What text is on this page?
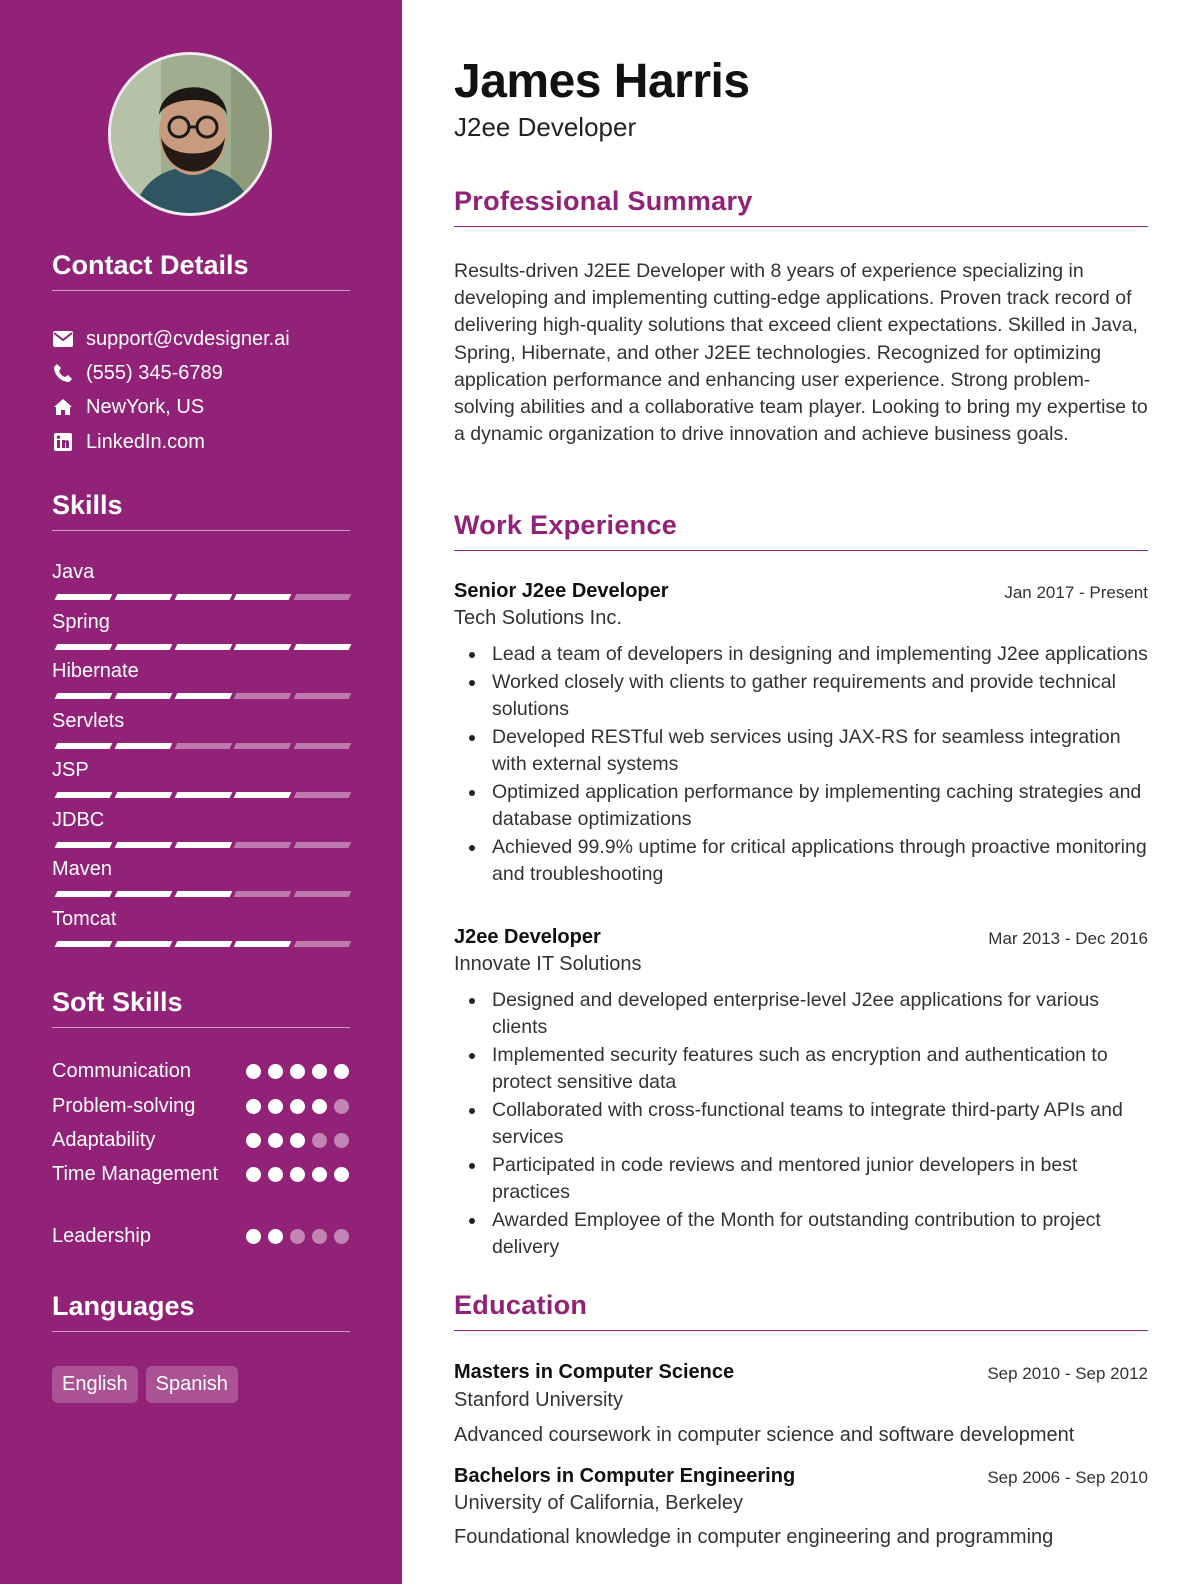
Contact Details
support@cvdesigner.ai
(555) 345-6789
NewYork, US
LinkedIn.com
Skills
Soft Skills
Languages
English	Spanish
Java
Spring
Hibernate
Servlets
JSP
JDBC
Maven
Tomcat
Communication
Problem-solving
Adaptability
Time Management
Leadership
James Harris
J2ee Developer
Professional Summary
Results-driven J2EE Developer with 8 years of experience specializing in developing and implementing cutting-edge applications. Proven track record of delivering high-quality solutions that exceed client expectations. Skilled in Java, Spring, Hibernate, and other J2EE technologies. Recognized for optimizing application performance and enhancing user experience. Strong problem-solving abilities and a collaborative team player. Looking to bring my expertise to a dynamic organization to drive innovation and achieve business goals.
Work Experience
Senior J2ee Developer	Jan 2017 - Present
Tech Solutions Inc.
Lead a team of developers in designing and implementing J2ee applications
Worked closely with clients to gather requirements and provide technical solutions
Developed RESTful web services using JAX-RS for seamless integration with external systems
Optimized application performance by implementing caching strategies and database optimizations
Achieved 99.9% uptime for critical applications through proactive monitoring and troubleshooting
J2ee Developer	Mar 2013 - Dec 2016
Innovate IT Solutions
Designed and developed enterprise-level J2ee applications for various clients
Implemented security features such as encryption and authentication to protect sensitive data
Collaborated with cross-functional teams to integrate third-party APIs and services
Participated in code reviews and mentored junior developers in best practices
Awarded Employee of the Month for outstanding contribution to project delivery
Education
Masters in Computer Science	Sep 2010 - Sep 2012
Stanford University
Advanced coursework in computer science and software development
Bachelors in Computer Engineering	Sep 2006 - Sep 2010
University of California, Berkeley
Foundational knowledge in computer engineering and programming
